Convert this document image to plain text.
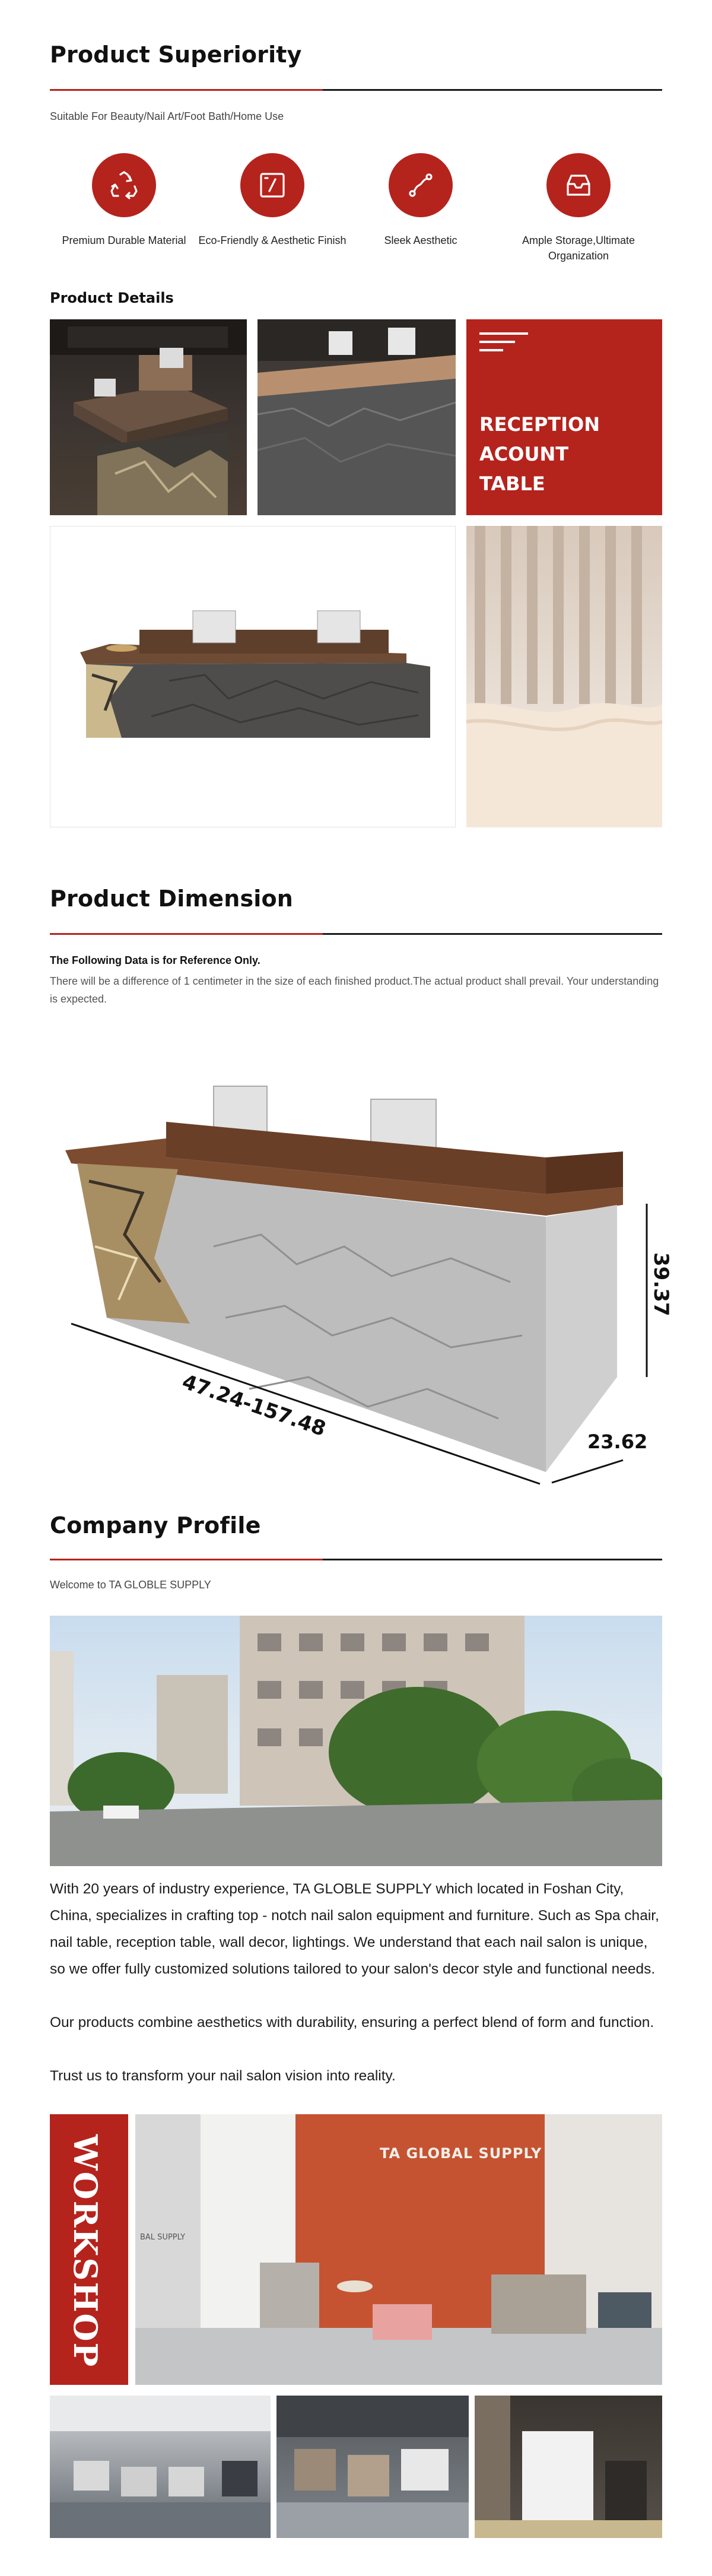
Product Superiority
Suitable For Beauty/Nail Art/Foot Bath/Home Use
Premium Durable Material	Eco-Friendly & Aesthetic Finish	Sleek Aesthetic	Ample Storage,Ultimate Organization
Product Details
RECEPTION ACOUNT TABLE
Product Dimension
The Following Data is for Reference Only.
There will be a difference of 1 centimeter in the size of each finished product.The actual product shall prevail. Your understanding is expected.
47.24-157.48
23.62
39.37
Company Profile
Welcome to TA GLOBLE SUPPLY
With 20 years of industry experience, TA GLOBLE SUPPLY which located in Foshan City, China, specializes in crafting top - notch nail salon equipment and furniture. Such as Spa chair, nail table, reception table, wall decor, lightings. We understand that each nail salon is unique, so we offer fully customized solutions tailored to your salon's decor style and functional needs.
Our products combine aesthetics with durability, ensuring a perfect blend of form and function.
Trust us to transform your nail salon vision into reality.
WORKSHOP	TA GLOBAL SUPPLY
BAL SUPPLY
